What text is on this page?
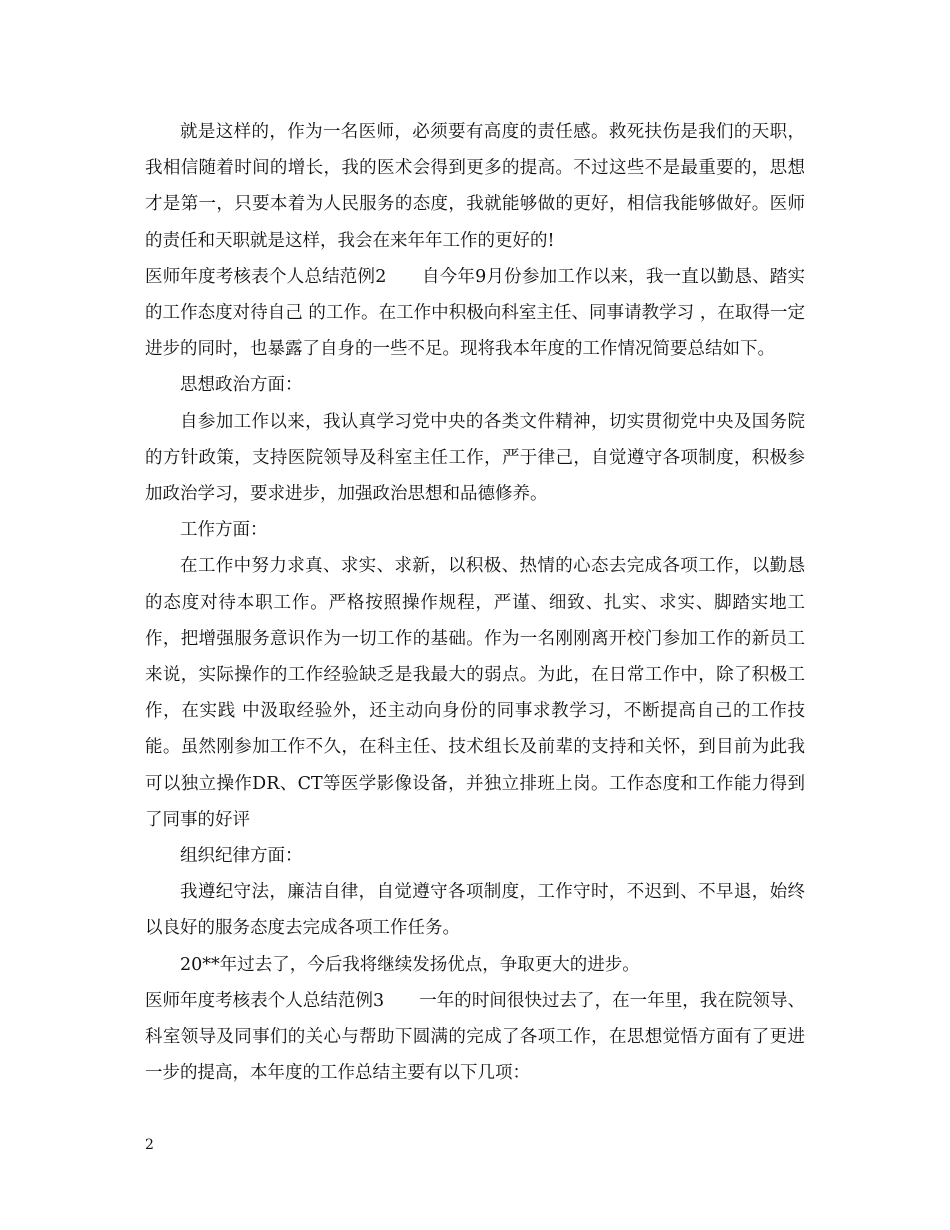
就是这样的，作为一名医师，必须要有高度的责任感。救死扶伤是我们的天职，我相信随着时间的增长，我的医术会得到更多的提高。不过这些不是最重要的，思想才是第一，只要本着为人民服务的态度，我就能够做的更好，相信我能够做好。医师的责任和天职就是这样，我会在来年年工作的更好的!

医师年度考核表个人总结范例2　　自今年9月份参加工作以来，我一直以勤恳、踏实的工作态度对待自己 的工作。在工作中积极向科室主任、同事请教学习 ，在取得一定进步的同时，也暴露了自身的一些不足。现将我本年度的工作情况简要总结如下。

思想政治方面：

自参加工作以来，我认真学习党中央的各类文件精神，切实贯彻党中央及国务院的方针政策，支持医院领导及科室主任工作，严于律己，自觉遵守各项制度，积极参加政治学习，要求进步，加强政治思想和品德修养。

工作方面：

在工作中努力求真、求实、求新，以积极、热情的心态去完成各项工作，以勤恳的态度对待本职工作。严格按照操作规程，严谨、细致、扎实、求实、脚踏实地工作，把增强服务意识作为一切工作的基础。作为一名刚刚离开校门参加工作的新员工来说，实际操作的工作经验缺乏是我最大的弱点。为此，在日常工作中，除了积极工作，在实践 中汲取经验外，还主动向身份的同事求教学习，不断提高自己的工作技能。虽然刚参加工作不久，在科主任、技术组长及前辈的支持和关怀，到目前为此我可以独立操作DR、CT等医学影像设备，并独立排班上岗。工作态度和工作能力得到了同事的好评

组织纪律方面：

我遵纪守法，廉洁自律，自觉遵守各项制度，工作守时，不迟到、不早退，始终以良好的服务态度去完成各项工作任务。

20**年过去了，今后我将继续发扬优点，争取更大的进步。

医师年度考核表个人总结范例3　　一年的时间很快过去了，在一年里，我在院领导、科室领导及同事们的关心与帮助下圆满的完成了各项工作，在思想觉悟方面有了更进一步的提高，本年度的工作总结主要有以下几项：

2
